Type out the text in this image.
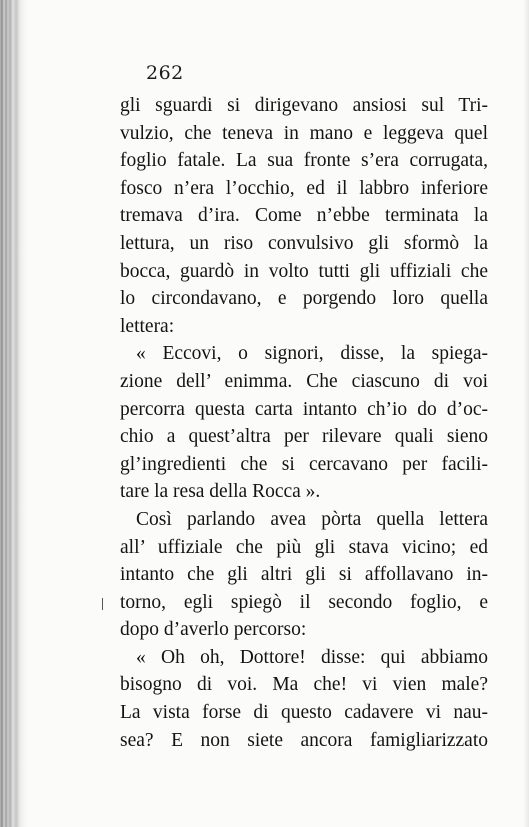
262
gli sguardi si dirigevano ansiosi sul Tri-
vulzio, che teneva in mano e leggeva quel
foglio fatale. La sua fronte s’era corrugata,
fosco n’era l’occhio, ed il labbro inferiore
tremava d’ira. Come n’ebbe terminata la
lettura, un riso convulsivo gli sformò la
bocca, guardò in volto tutti gli uffiziali che
lo circondavano, e porgendo loro quella
lettera:
« Eccovi, o signori, disse, la spiega-
zione dell’ enimma. Che ciascuno di voi
percorra questa carta intanto ch’io do d’oc-
chio a quest’altra per rilevare quali sieno
gl’ingredienti che si cercavano per facili-
tare la resa della Rocca ».
Così parlando avea pòrta quella lettera
all’ uffiziale che più gli stava vicino; ed
intanto che gli altri gli si affollavano in-
torno, egli spiegò il secondo foglio, e
dopo d’averlo percorso:
« Oh oh, Dottore! disse: qui abbiamo
bisogno di voi. Ma che! vi vien male?
La vista forse di questo cadavere vi nau-
sea? E non siete ancora famigliarizzato
